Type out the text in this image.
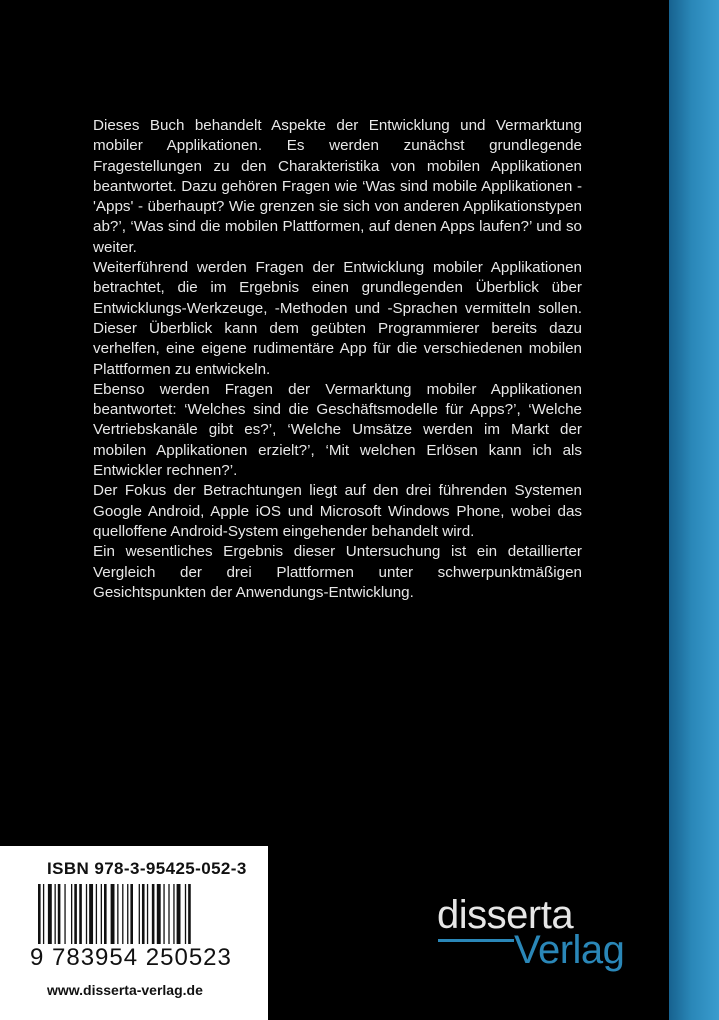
Dieses Buch behandelt Aspekte der Entwicklung und Vermarktung mobiler Applikationen. Es werden zunächst grundlegende Fragestellungen zu den Charakteristika von mobilen Applikationen beantwortet. Dazu gehören Fragen wie ‘Was sind mobile Applikationen - 'Apps' - überhaupt? Wie grenzen sie sich von anderen Applikationstypen ab?’, ‘Was sind die mobilen Plattformen, auf denen Apps laufen?’ und so weiter.

Weiterführend werden Fragen der Entwicklung mobiler Applikationen betrachtet, die im Ergebnis einen grundlegenden Überblick über Entwicklungs-Werkzeuge, -Methoden und -Sprachen vermitteln sollen. Dieser Überblick kann dem geübten Programmierer bereits dazu verhelfen, eine eigene rudimentäre App für die verschiedenen mobilen Plattformen zu entwickeln.

Ebenso werden Fragen der Vermarktung mobiler Applikationen beantwortet: ‘Welches sind die Geschäftsmodelle für Apps?’, ‘Welche Vertriebskanäle gibt es?’, ‘Welche Umsätze werden im Markt der mobilen Applikationen erzielt?’, ‘Mit welchen Erlösen kann ich als Entwickler rechnen?’.

Der Fokus der Betrachtungen liegt auf den drei führenden Systemen Google Android, Apple iOS und Microsoft Windows Phone, wobei das quelloffene Android-System eingehender behandelt wird.

Ein wesentliches Ergebnis dieser Untersuchung ist ein detaillierter Vergleich der drei Plattformen unter schwerpunktmäßigen Gesichtspunkten der Anwendungs-Entwicklung.

ISBN 978-3-95425-052-3
9 783954 250523
www.disserta-verlag.de
disserta
Verlag
